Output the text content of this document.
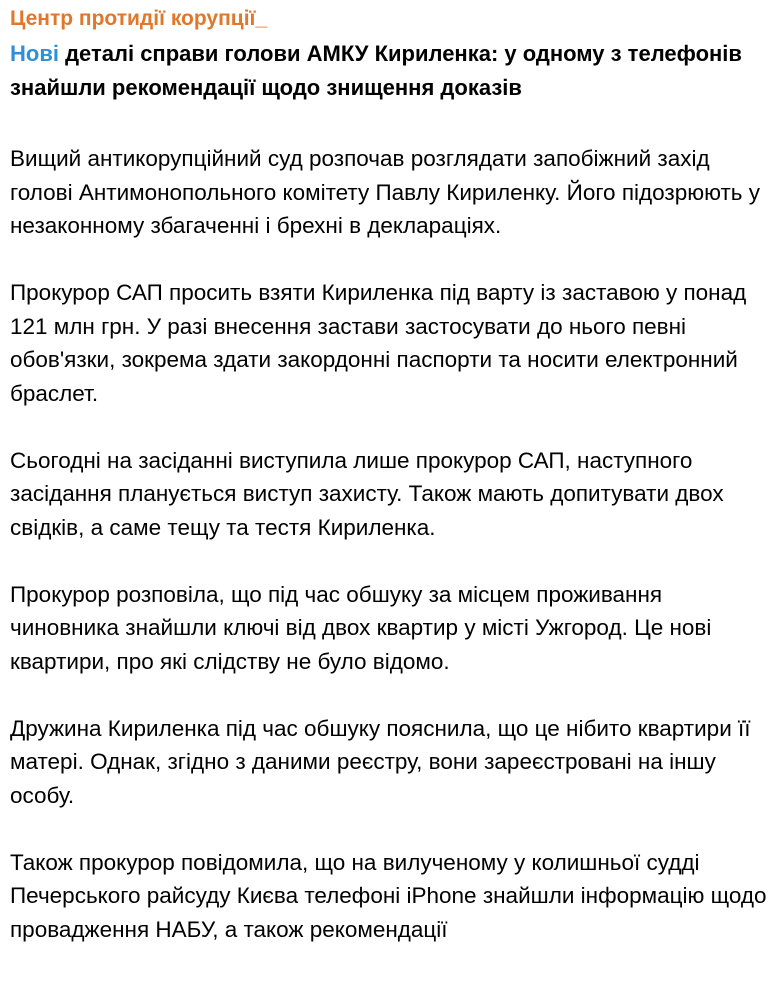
Центр протидії корупції_
Нові деталі справи голови АМКУ Кириленка: у одному з телефонів знайшли рекомендації щодо знищення доказів

Вищий антикорупційний суд розпочав розглядати запобіжний захід голові Антимонопольного комітету Павлу Кириленку. Його підозрюють у незаконному збагаченні і брехні в деклараціях.

Прокурор САП просить взяти Кириленка під варту із заставою у понад 121 млн грн. У разі внесення застави застосувати до нього певні обов'язки, зокрема здати закордонні паспорти та носити електронний браслет.

Сьогодні на засіданні виступила лише прокурор САП, наступного засідання планується виступ захисту. Також мають допитувати двох свідків, а саме тещу та тестя Кириленка.

Прокурор розповіла, що під час обшуку за місцем проживання чиновника знайшли ключі від двох квартир у місті Ужгород. Це нові квартири, про які слідству не було відомо.

Дружина Кириленка під час обшуку пояснила, що це нібито квартири її матері. Однак, згідно з даними реєстру, вони зареєстровані на іншу особу.

Також прокурор повідомила, що на вилученому у колишньої судді Печерського райсуду Києва телефоні iPhone знайшли інформацію щодо провадження НАБУ, а також рекомендації
